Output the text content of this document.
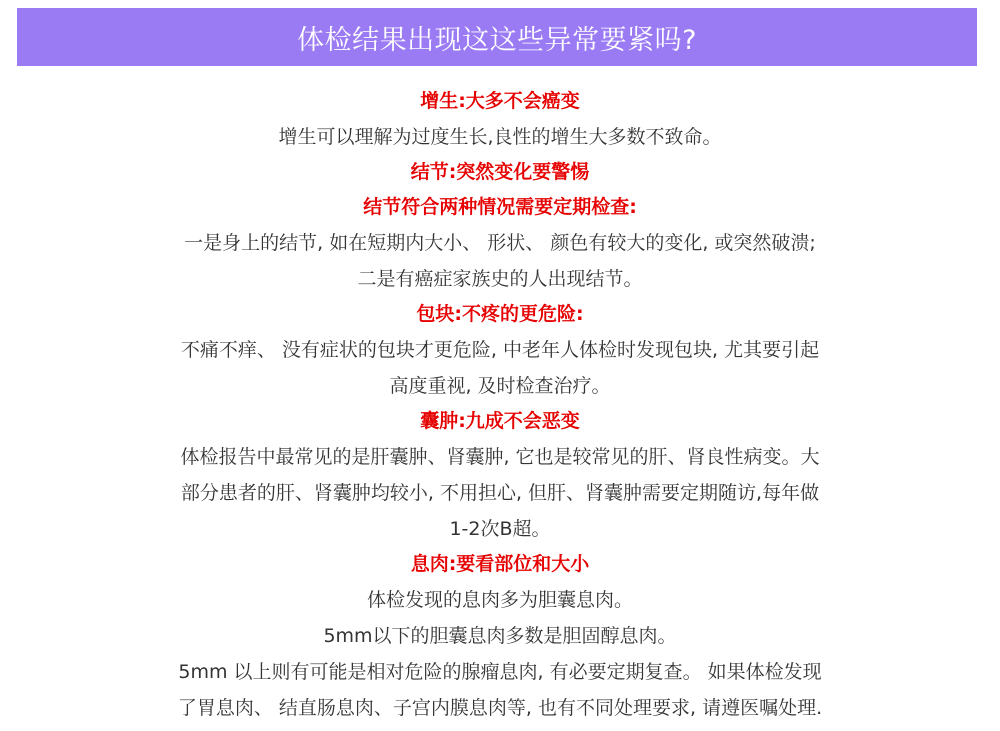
体检结果出现这这些异常要紧吗?
增生:大多不会癌变
增生可以理解为过度生长,良性的增生大多数不致命。
结节:突然变化要警惕
结节符合两种情况需要定期检查:
一是身上的结节, 如在短期内大小、 形状、 颜色有较大的变化, 或突然破溃;
二是有癌症家族史的人出现结节。
包块:不疼的更危险:
不痛不痒、 没有症状的包块才更危险, 中老年人体检时发现包块, 尤其要引起
高度重视, 及时检查治疗。
囊肿:九成不会恶变
体检报告中最常见的是肝囊肿、肾囊肿, 它也是较常见的肝、肾良性病变。大
部分患者的肝、肾囊肿均较小, 不用担心, 但肝、肾囊肿需要定期随访,每年做
1-2次B超。
息肉:要看部位和大小
体检发现的息肉多为胆囊息肉。
5mm以下的胆囊息肉多数是胆固醇息肉。
5mm 以上则有可能是相对危险的腺瘤息肉, 有必要定期复查。 如果体检发现
了胃息肉、 结直肠息肉、子宫内膜息肉等, 也有不同处理要求, 请遵医嘱处理.
